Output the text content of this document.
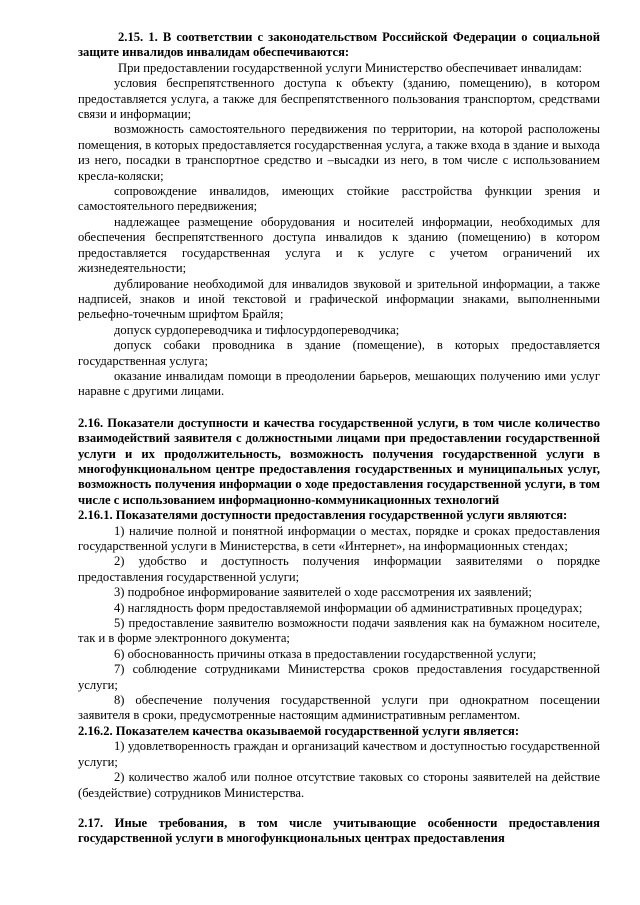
2.15. 1. В соответствии с законодательством Российской Федерации о социальной защите инвалидов инвалидам обеспечиваются:

При предоставлении государственной услуги Министерство обеспечивает инвалидам:

условия беспрепятственного доступа к объекту (зданию, помещению), в котором предоставляется услуга, а также для беспрепятственного пользования транспортом, средствами связи и информации;

возможность самостоятельного передвижения по территории, на которой расположены помещения, в которых предоставляется государственная услуга, а также входа в здание и выхода из него, посадки в транспортное средство и –высадки из него, в том числе с использованием кресла-коляски;

сопровождение инвалидов, имеющих стойкие расстройства функции зрения и самостоятельного передвижения;

надлежащее размещение оборудования и носителей информации, необходимых для обеспечения беспрепятственного доступа инвалидов к зданию (помещению) в котором предоставляется государственная услуга и к услуге с учетом ограничений их жизнедеятельности;

дублирование необходимой для инвалидов звуковой и зрительной информации, а также надписей, знаков и иной текстовой и графической информации знаками, выполненными рельефно-точечным шрифтом Брайля;

допуск сурдопереводчика и тифлосурдопереводчика;

допуск собаки проводника в здание (помещение), в которых предоставляется государственная услуга;

оказание инвалидам помощи в преодолении барьеров, мешающих получению ими услуг наравне с другими лицами.

2.16. Показатели доступности и качества государственной услуги, в том числе количество взаимодействий заявителя с должностными лицами при предоставлении государственной услуги и их продолжительность, возможность получения государственной услуги в многофункциональном центре предоставления государственных и муниципальных услуг, возможность получения информации о ходе предоставления государственной услуги, в том числе с использованием информационно-коммуникационных технологий

2.16.1. Показателями доступности предоставления государственной услуги являются:

1) наличие полной и понятной информации о местах, порядке и сроках предоставления государственной услуги в Министерства, в сети «Интернет», на информационных стендах;

2) удобство и доступность получения информации заявителями о порядке предоставления государственной услуги;

3) подробное информирование заявителей о ходе рассмотрения их заявлений;

4) наглядность форм предоставляемой информации об административных процедурах;

5) предоставление заявителю возможности подачи заявления как на бумажном носителе, так и в форме электронного документа;

6) обоснованность причины отказа в предоставлении государственной услуги;

7) соблюдение сотрудниками Министерства сроков предоставления государственной услуги;

8) обеспечение получения государственной услуги при однократном посещении заявителя в сроки, предусмотренные настоящим административным регламентом.

2.16.2. Показателем качества оказываемой государственной услуги является:

1) удовлетворенность граждан и организаций качеством и доступностью государственной услуги;

2) количество жалоб или полное отсутствие таковых со стороны заявителей на действие (бездействие) сотрудников Министерства.

2.17. Иные требования, в том числе учитывающие особенности предоставления государственной услуги в многофункциональных центрах предоставления
